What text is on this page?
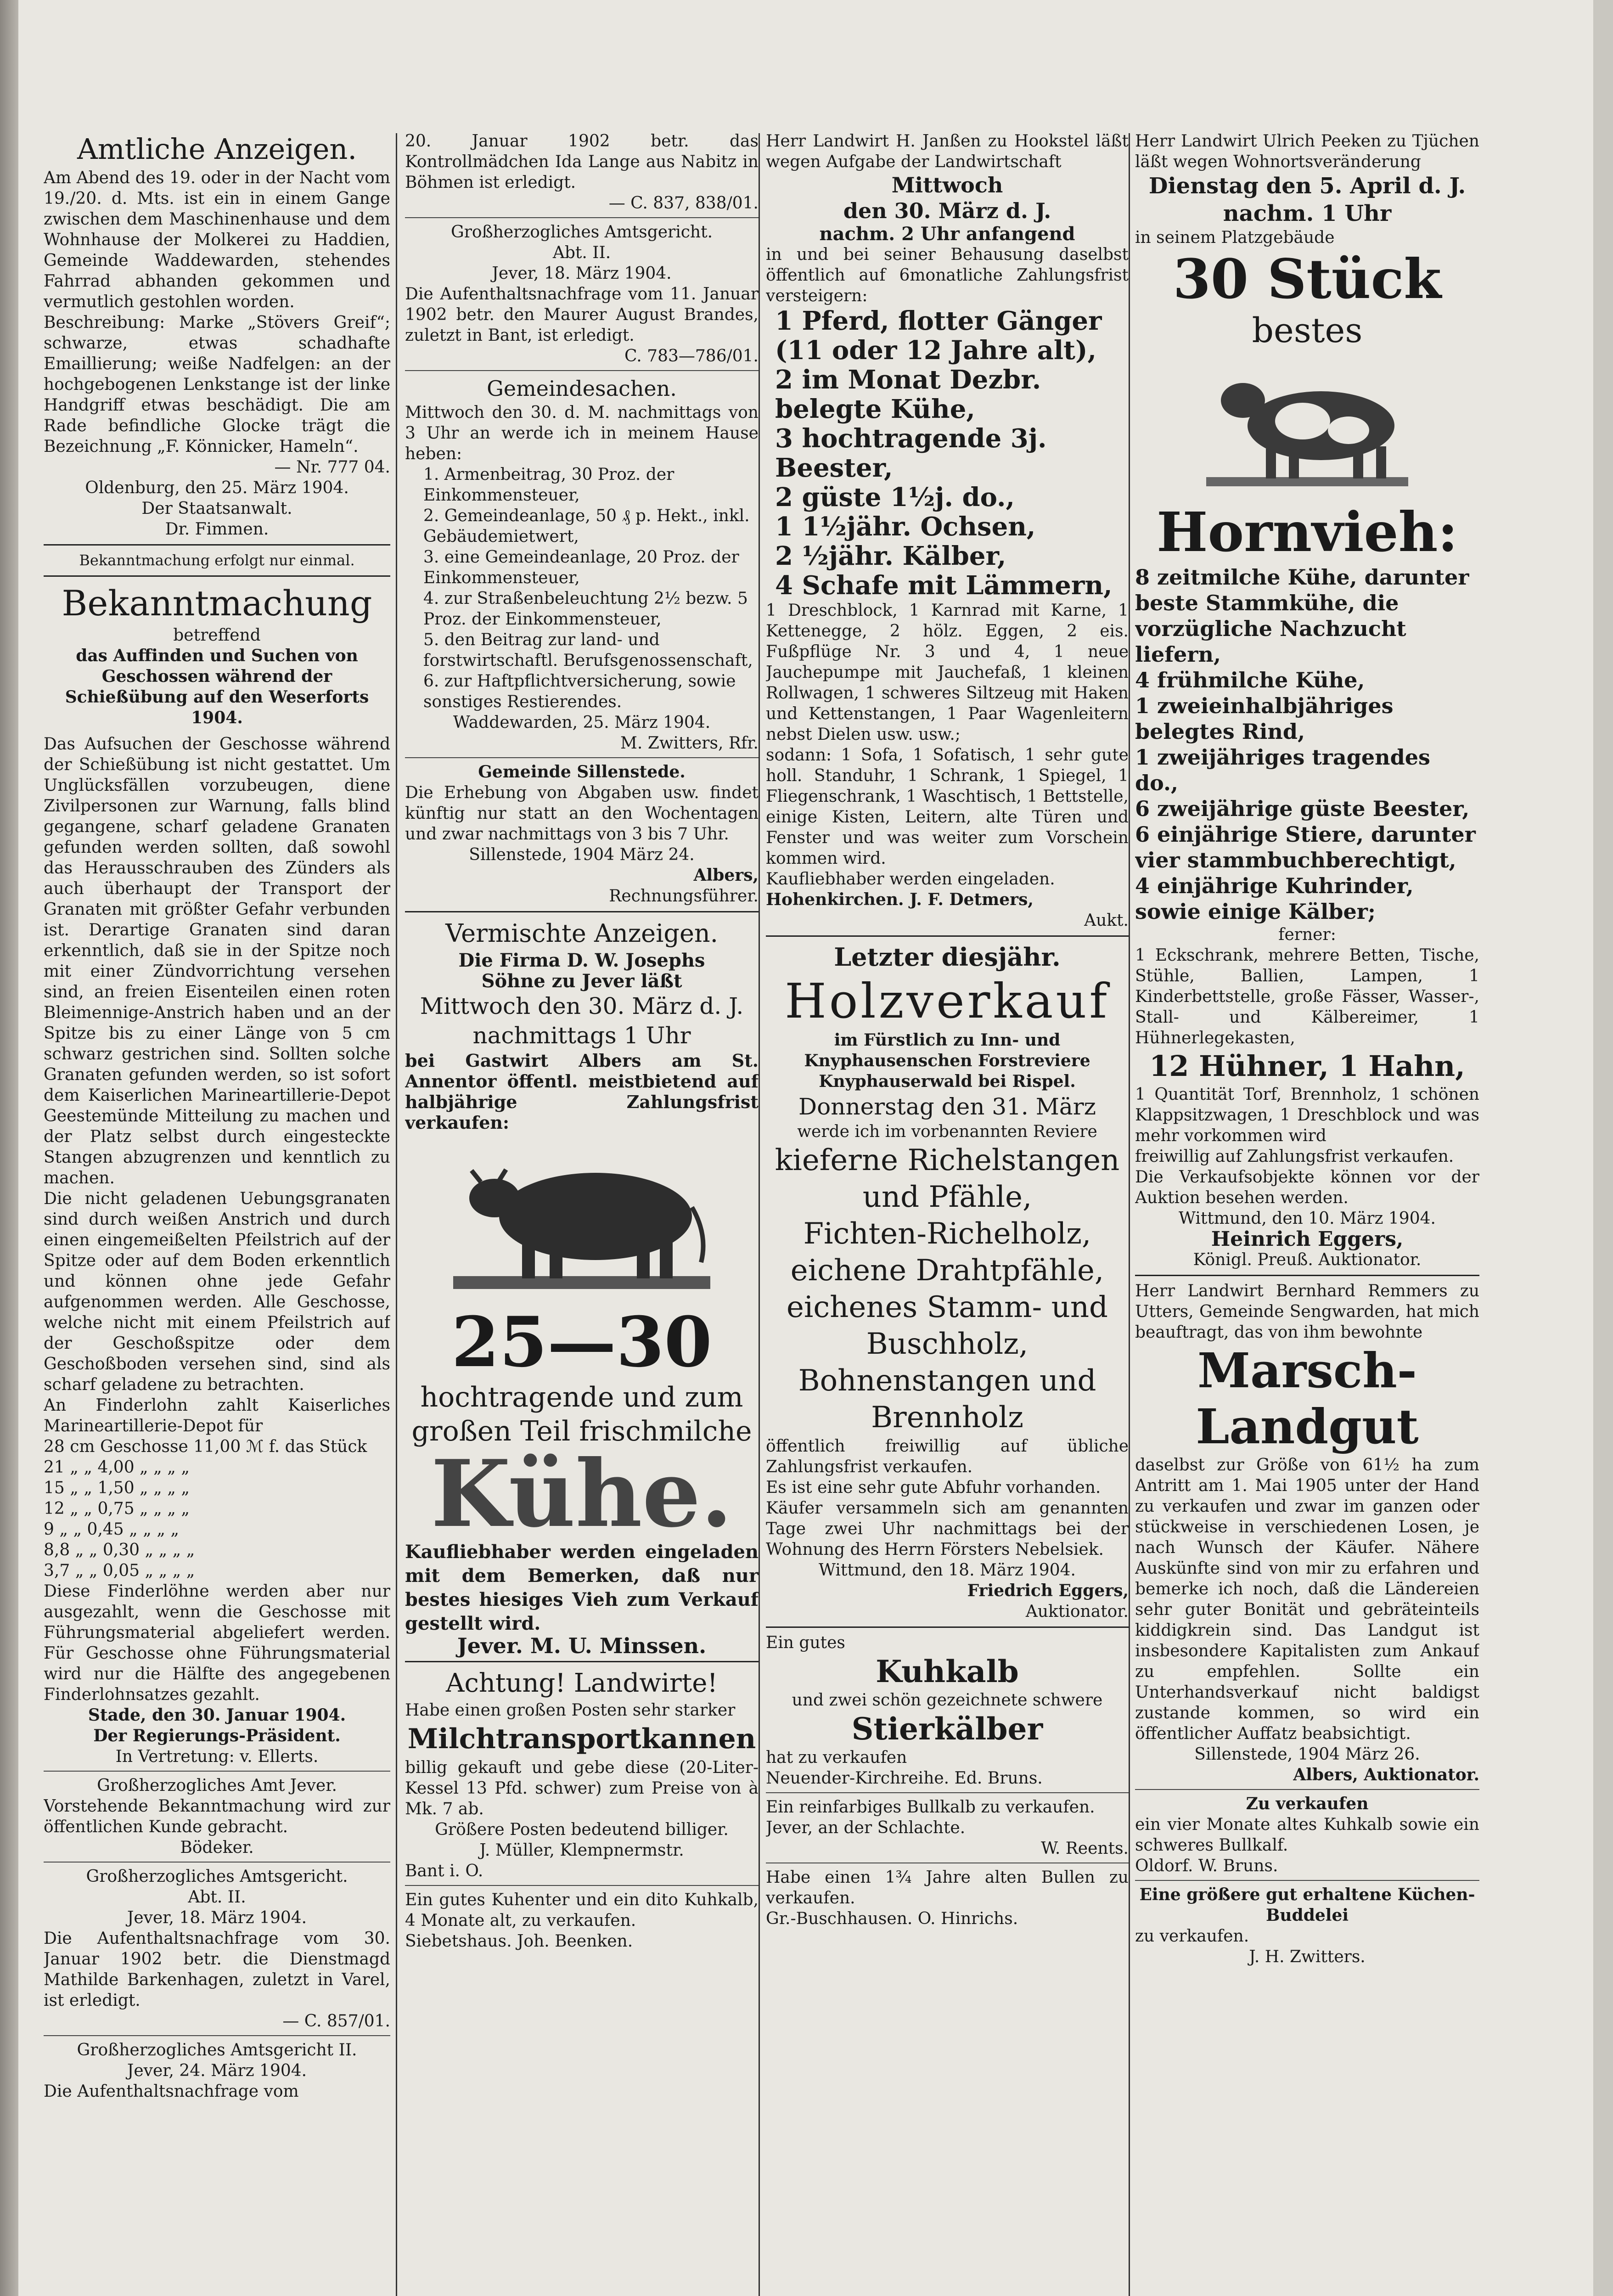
Amtliche Anzeigen.

Am Abend des 19. oder in der Nacht vom 19./20. d. Mts. ist ein in einem Gange zwischen dem Maschinenhause und dem Wohnhause der Molkerei zu Haddien, Gemeinde Waddewarden, stehendes Fahrrad abhanden gekommen und vermutlich gestohlen worden.

Beschreibung: Marke „Stövers Greif“; schwarze, etwas schadhafte Emaillierung; weiße Nadfelgen: an der hochgebogenen Lenkstange ist der linke Handgriff etwas beschädigt. Die am Rade befindliche Glocke trägt die Bezeichnung „F. Könnicker, Hameln“.

— Nr. 777 04.

Oldenburg, den 25. März 1904.

Der Staatsanwalt.

Dr. Fimmen.

Bekanntmachung erfolgt nur einmal.

Bekanntmachung

betreffend

das Auffinden und Suchen von Geschossen während der Schießübung auf den Weserforts 1904.

Das Aufsuchen der Geschosse während der Schießübung ist nicht gestattet. Um Unglücksfällen vorzubeugen, diene Zivilpersonen zur Warnung, falls blind gegangene, scharf geladene Granaten gefunden werden sollten, daß sowohl das Herausschrauben des Zünders als auch überhaupt der Transport der Granaten mit größter Gefahr verbunden ist. Derartige Granaten sind daran erkenntlich, daß sie in der Spitze noch mit einer Zündvorrichtung versehen sind, an freien Eisenteilen einen roten Bleimennige-Anstrich haben und an der Spitze bis zu einer Länge von 5 cm schwarz gestrichen sind. Sollten solche Granaten gefunden werden, so ist sofort dem Kaiserlichen Marineartillerie-Depot Geestemünde Mitteilung zu machen und der Platz selbst durch eingesteckte Stangen abzugrenzen und kenntlich zu machen.

Die nicht geladenen Uebungsgranaten sind durch weißen Anstrich und durch einen eingemeißelten Pfeilstrich auf der Spitze oder auf dem Boden erkenntlich und können ohne jede Gefahr aufgenommen werden. Alle Geschosse, welche nicht mit einem Pfeilstrich auf der Geschoßspitze oder dem Geschoßboden versehen sind, sind als scharf geladene zu betrachten.

An Finderlohn zahlt Kaiserliches Marineartillerie-Depot für

28 cm Geschosse 11,00 ℳ f. das Stück

21 „ „ 4,00 „ „ „ „

15 „ „ 1,50 „ „ „ „

12 „ „ 0,75 „ „ „ „

9 „ „ 0,45 „ „ „ „

8,8 „ „ 0,30 „ „ „ „

3,7 „ „ 0,05 „ „ „ „

Diese Finderlöhne werden aber nur ausgezahlt, wenn die Geschosse mit Führungsmaterial abgeliefert werden. Für Geschosse ohne Führungsmaterial wird nur die Hälfte des angegebenen Finderlohnsatzes gezahlt.

Stade, den 30. Januar 1904.

Der Regierungs-Präsident.

In Vertretung: v. Ellerts.

Großherzogliches Amt Jever.

Vorstehende Bekanntmachung wird zur öffentlichen Kunde gebracht.

Bödeker.

Großherzogliches Amtsgericht.

Abt. II.

Jever, 18. März 1904.

Die Aufenthaltsnachfrage vom 30. Januar 1902 betr. die Dienstmagd Mathilde Barkenhagen, zuletzt in Varel, ist erledigt.

— C. 857/01.

Großherzogliches Amtsgericht II.

Jever, 24. März 1904.

Die Aufenthaltsnachfrage vom

20. Januar 1902 betr. das Kontrollmädchen Ida Lange aus Nabitz in Böhmen ist erledigt.

— C. 837, 838/01.

Großherzogliches Amtsgericht.

Abt. II.

Jever, 18. März 1904.

Die Aufenthaltsnachfrage vom 11. Januar 1902 betr. den Maurer August Brandes, zuletzt in Bant, ist erledigt.

C. 783—786/01.

Gemeindesachen.

Mittwoch den 30. d. M. nachmittags von 3 Uhr an werde ich in meinem Hause heben:

1. Armenbeitrag, 30 Proz. der Einkommensteuer,

2. Gemeindeanlage, 50 ₰ p. Hekt., inkl. Gebäudemietwert,

3. eine Gemeindeanlage, 20 Proz. der Einkommensteuer,

4. zur Straßenbeleuchtung 2½ bezw. 5 Proz. der Einkommensteuer,

5. den Beitrag zur land- und forstwirtschaftl. Berufsgenossenschaft,

6. zur Haftpflichtversicherung, sowie sonstiges Restierendes.

Waddewarden, 25. März 1904.

M. Zwitters, Rfr.

Gemeinde Sillenstede.

Die Erhebung von Abgaben usw. findet künftig nur statt an den Wochentagen und zwar nachmittags von 3 bis 7 Uhr.

Sillenstede, 1904 März 24.

Albers,

Rechnungsführer.

Vermischte Anzeigen.

Die Firma D. W. Josephs

Söhne zu Jever läßt

Mittwoch den 30. März d. J.

nachmittags 1 Uhr

bei Gastwirt Albers am St. Annentor öffentl. meistbietend auf halbjährige Zahlungsfrist verkaufen:

25—30

hochtragende und zum großen Teil frischmilche

Kühe.

Kaufliebhaber werden eingeladen mit dem Bemerken, daß nur bestes hiesiges Vieh zum Verkauf gestellt wird.

Jever. M. U. Minssen.

Achtung! Landwirte!

Habe einen großen Posten sehr starker

Milchtransportkannen

billig gekauft und gebe diese (20-Liter-Kessel 13 Pfd. schwer) zum Preise von à Mk. 7 ab.

Größere Posten bedeutend billiger.

J. Müller, Klempnermstr.

Bant i. O.

Ein gutes Kuhenter und ein dito Kuhkalb, 4 Monate alt, zu verkaufen.

Siebetshaus. Joh. Beenken.

Herr Landwirt H. Janßen zu Hookstel läßt wegen Aufgabe der Landwirtschaft

Mittwoch

den 30. März d. J.

nachm. 2 Uhr anfangend

in und bei seiner Behausung daselbst öffentlich auf 6monatliche Zahlungsfrist versteigern:

1 Pferd, flotter Gänger (11 oder 12 Jahre alt),

2 im Monat Dezbr. belegte Kühe,

3 hochtragende 3j. Beester,

2 güste 1½j. do.,

1 1½jähr. Ochsen,

2 ½jähr. Kälber,

4 Schafe mit Lämmern,

1 Dreschblock, 1 Karnrad mit Karne, 1 Kettenegge, 2 hölz. Eggen, 2 eis. Fußpflüge Nr. 3 und 4, 1 neue Jauchepumpe mit Jauchefaß, 1 kleinen Rollwagen, 1 schweres Siltzeug mit Haken und Kettenstangen, 1 Paar Wagenleitern nebst Dielen usw. usw.;

sodann: 1 Sofa, 1 Sofatisch, 1 sehr gute holl. Standuhr, 1 Schrank, 1 Spiegel, 1 Fliegenschrank, 1 Waschtisch, 1 Bettstelle, einige Kisten, Leitern, alte Türen und Fenster und was weiter zum Vorschein kommen wird.

Kaufliebhaber werden eingeladen.

Hohenkirchen. J. F. Detmers,

Aukt.

Letzter diesjähr.

Holzverkauf

im Fürstlich zu Inn- und Knyphausenschen Forstreviere Knyphauserwald bei Rispel.

Donnerstag den 31. März

werde ich im vorbenannten Reviere

kieferne Richelstangen

und Pfähle,

Fichten-Richelholz,

eichene Drahtpfähle,

eichenes Stamm- und

Buschholz,

Bohnenstangen und

Brennholz

öffentlich freiwillig auf übliche Zahlungsfrist verkaufen.

Es ist eine sehr gute Abfuhr vorhanden.

Käufer versammeln sich am genannten Tage zwei Uhr nachmittags bei der Wohnung des Herrn Försters Nebelsiek.

Wittmund, den 18. März 1904.

Friedrich Eggers,

Auktionator.

Ein gutes

Kuhkalb

und zwei schön gezeichnete schwere

Stierkälber

hat zu verkaufen

Neuender-Kirchreihe. Ed. Bruns.

Ein reinfarbiges Bullkalb zu verkaufen.

Jever, an der Schlachte.

W. Reents.

Habe einen 1¾ Jahre alten Bullen zu verkaufen.

Gr.-Buschhausen. O. Hinrichs.

Herr Landwirt Ulrich Peeken zu Tjüchen läßt wegen Wohnortsveränderung

Dienstag den 5. April d. J.

nachm. 1 Uhr

in seinem Platzgebäude

30 Stück

bestes

Hornvieh:

8 zeitmilche Kühe, darunter beste Stammkühe, die vorzügliche Nachzucht liefern,

4 frühmilche Kühe,

1 zweieinhalbjähriges belegtes Rind,

1 zweijähriges tragendes do.,

6 zweijährige güste Beester,

6 einjährige Stiere, darunter vier stammbuchberechtigt,

4 einjährige Kuhrinder, sowie einige Kälber;

ferner:

1 Eckschrank, mehrere Betten, Tische, Stühle, Ballien, Lampen, 1 Kinderbettstelle, große Fässer, Wasser-, Stall- und Kälbereimer, 1 Hühnerlegekasten,

12 Hühner, 1 Hahn,

1 Quantität Torf, Brennholz, 1 schönen Klappsitzwagen, 1 Dreschblock und was mehr vorkommen wird

freiwillig auf Zahlungsfrist verkaufen.

Die Verkaufsobjekte können vor der Auktion besehen werden.

Wittmund, den 10. März 1904.

Heinrich Eggers,

Königl. Preuß. Auktionator.

Herr Landwirt Bernhard Remmers zu Utters, Gemeinde Sengwarden, hat mich beauftragt, das von ihm bewohnte

Marsch-

Landgut

daselbst zur Größe von 61½ ha zum Antritt am 1. Mai 1905 unter der Hand zu verkaufen und zwar im ganzen oder stückweise in verschiedenen Losen, je nach Wunsch der Käufer. Nähere Auskünfte sind von mir zu erfahren und bemerke ich noch, daß die Ländereien sehr guter Bonität und gebräteinteils kiddigkrein sind. Das Landgut ist insbesondere Kapitalisten zum Ankauf zu empfehlen. Sollte ein Unterhandsverkauf nicht baldigst zustande kommen, so wird ein öffentlicher Auffatz beabsichtigt.

Sillenstede, 1904 März 26.

Albers, Auktionator.

Zu verkaufen

ein vier Monate altes Kuhkalb sowie ein schweres Bullkalf.

Oldorf. W. Bruns.

Eine größere gut erhaltene Küchen-Buddelei

zu verkaufen.

J. H. Zwitters.
